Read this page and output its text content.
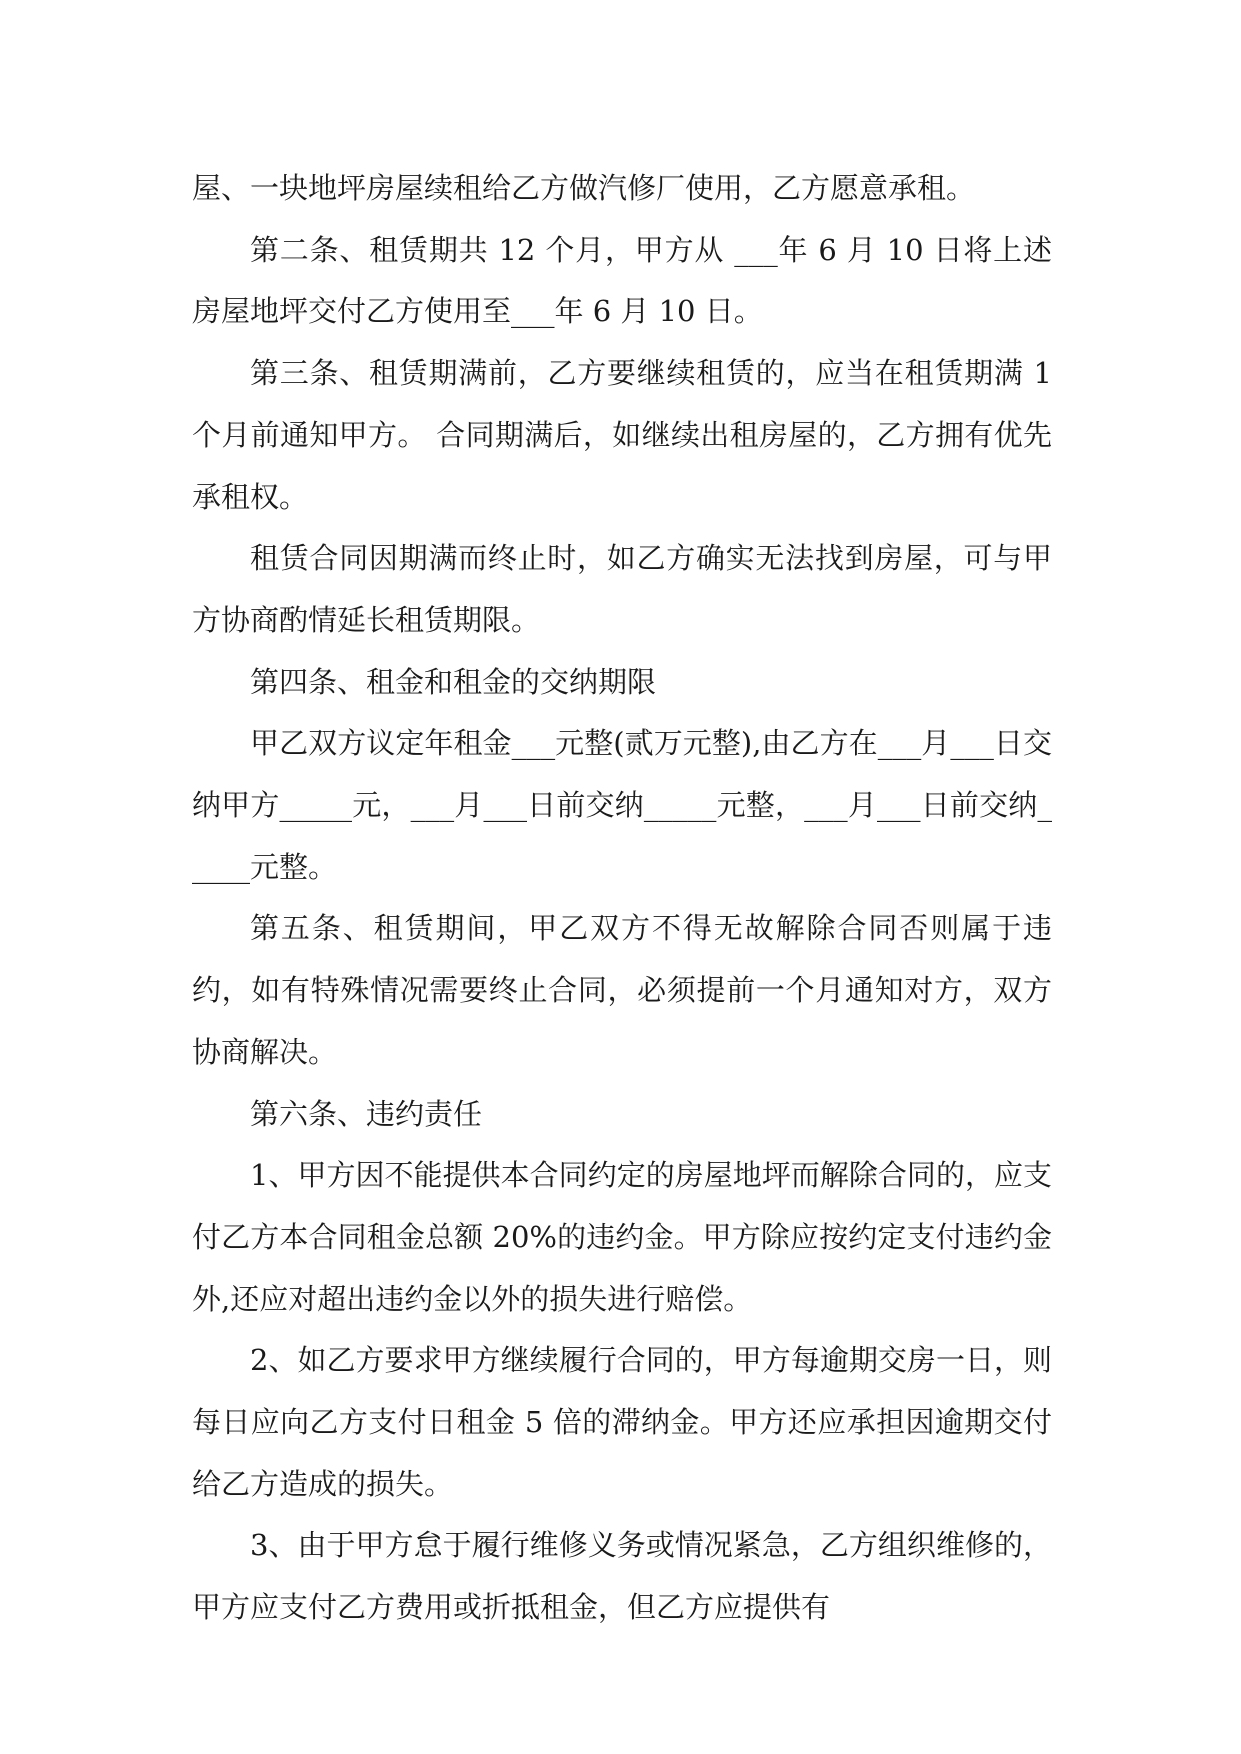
屋、一块地坪房屋续租给乙方做汽修厂使用，乙方愿意承租。

第二条、租赁期共 12 个月，甲方从 ___年 6 月 10 日将上述房屋地坪交付乙方使用至___年 6 月 10 日。

第三条、租赁期满前，乙方要继续租赁的，应当在租赁期满 1 个月前通知甲方。 合同期满后，如继续出租房屋的，乙方拥有优先承租权。

租赁合同因期满而终止时，如乙方确实无法找到房屋，可与甲方协商酌情延长租赁期限。

第四条、租金和租金的交纳期限

甲乙双方议定年租金___元整(贰万元整),由乙方在___月___日交纳甲方_____元，___月___日前交纳_____元整，___月___日前交纳_____元整。

第五条、租赁期间，甲乙双方不得无故解除合同否则属于违约，如有特殊情况需要终止合同，必须提前一个月通知对方，双方协商解决。

第六条、违约责任

1、甲方因不能提供本合同约定的房屋地坪而解除合同的，应支付乙方本合同租金总额 20%的违约金。甲方除应按约定支付违约金外,还应对超出违约金以外的损失进行赔偿。

2、如乙方要求甲方继续履行合同的，甲方每逾期交房一日，则每日应向乙方支付日租金 5 倍的滞纳金。甲方还应承担因逾期交付给乙方造成的损失。

3、由于甲方怠于履行维修义务或情况紧急，乙方组织维修的，甲方应支付乙方费用或折抵租金，但乙方应提供有
